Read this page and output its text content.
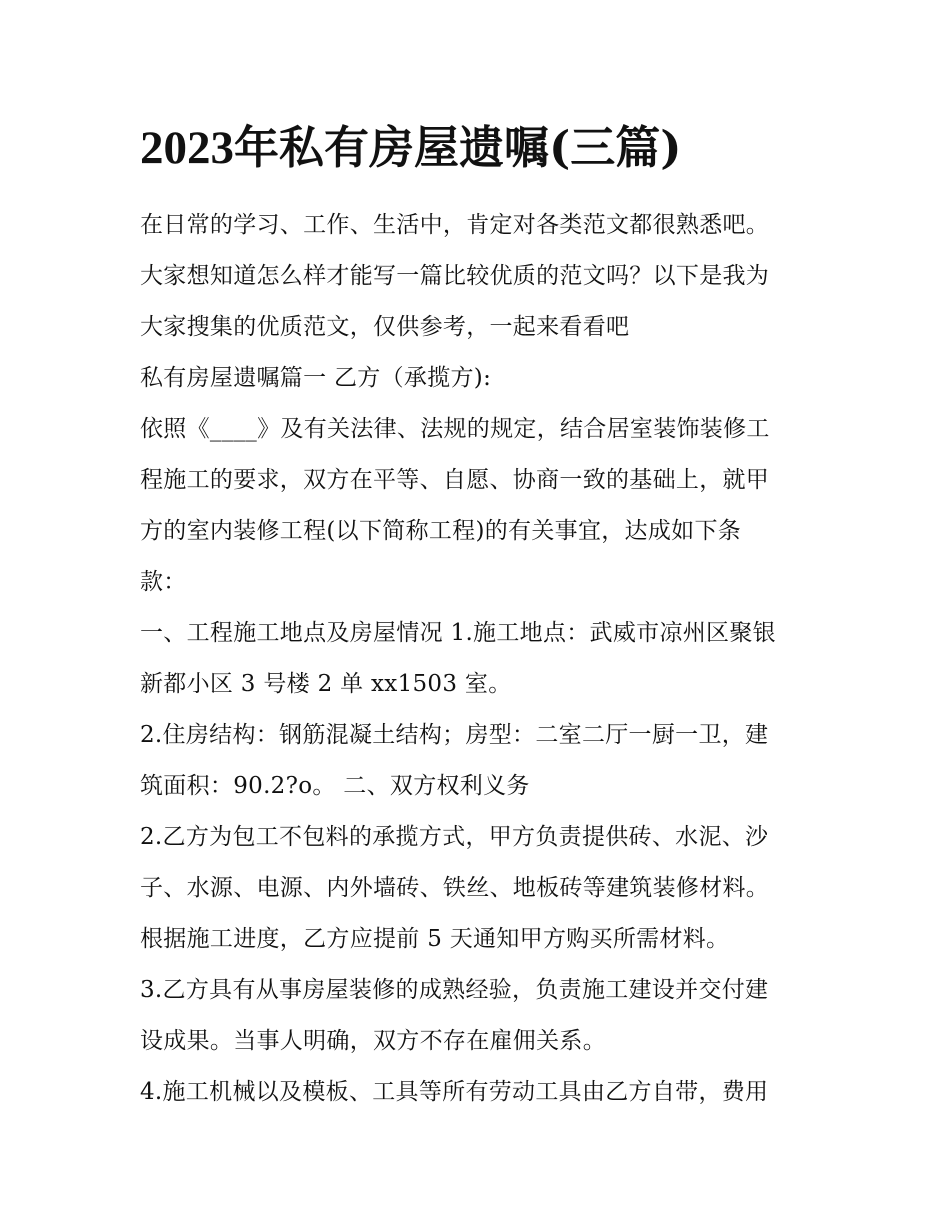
2023年私有房屋遗嘱(三篇)
在日常的学习、工作、生活中，肯定对各类范文都很熟悉吧。
大家想知道怎么样才能写一篇比较优质的范文吗？以下是我为
大家搜集的优质范文，仅供参考，一起来看看吧
私有房屋遗嘱篇一 乙方（承揽方):
依照《____》及有关法律、法规的规定，结合居室装饰装修工
程施工的要求，双方在平等、自愿、协商一致的基础上，就甲
方的室内装修工程(以下简称工程)的有关事宜，达成如下条
款：
一、工程施工地点及房屋情况 1.施工地点：武威市凉州区聚银
新都小区 3 号楼 2 单 xx1503 室。
2.住房结构：钢筋混凝土结构；房型：二室二厅一厨一卫，建
筑面积：90.2?o。 二、双方权利义务
2.乙方为包工不包料的承揽方式，甲方负责提供砖、水泥、沙
子、水源、电源、内外墙砖、铁丝、地板砖等建筑装修材料。
根据施工进度，乙方应提前 5 天通知甲方购买所需材料。
3.乙方具有从事房屋装修的成熟经验，负责施工建设并交付建
设成果。当事人明确，双方不存在雇佣关系。
4.施工机械以及模板、工具等所有劳动工具由乙方自带，费用
